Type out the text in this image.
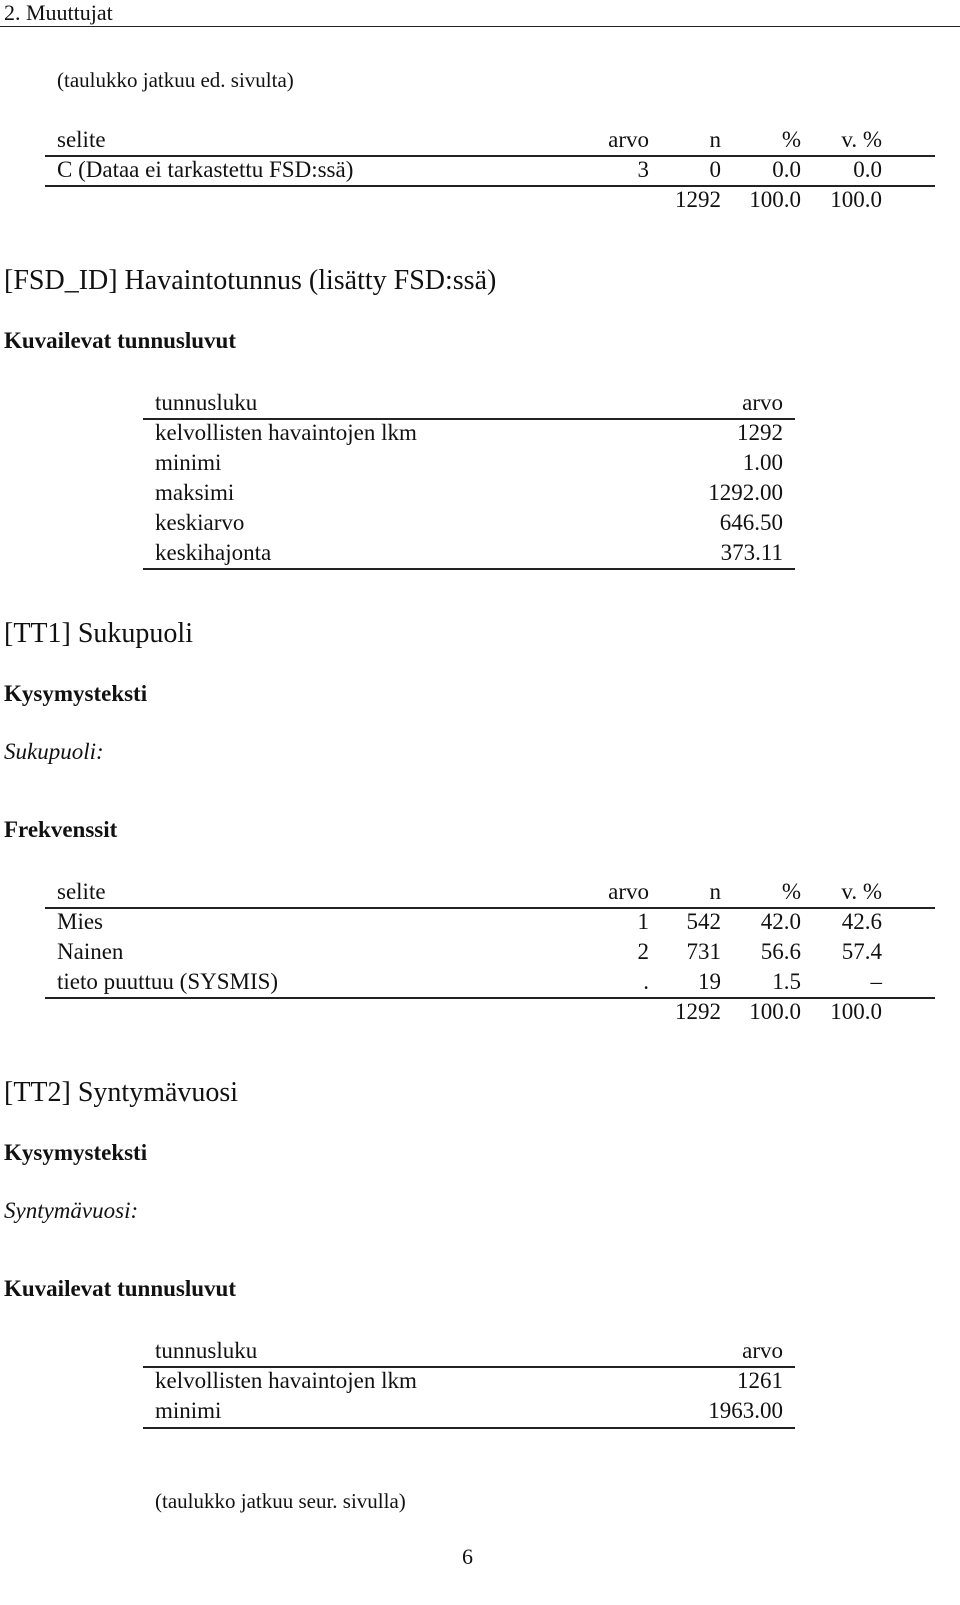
2. Muuttujat
(taulukko jatkuu ed. sivulta)
selite	arvo	n	%	v. %
C (Dataa ei tarkastettu FSD:ssä)	3	0	0.0	0.0
		1292	100.0	100.0
[FSD_ID] Havaintotunnus (lisätty FSD:ssä)
Kuvailevat tunnusluvut
tunnusluku	arvo
kelvollisten havaintojen lkm	1292
minimi	1.00
maksimi	1292.00
keskiarvo	646.50
keskihajonta	373.11
[TT1] Sukupuoli
Kysymysteksti
Sukupuoli:
Frekvenssit
selite	arvo	n	%	v. %
Mies	1	542	42.0	42.6
Nainen	2	731	56.6	57.4
tieto puuttuu (SYSMIS)	.	19	1.5	–
		1292	100.0	100.0
[TT2] Syntymävuosi
Kysymysteksti
Syntymävuosi:
Kuvailevat tunnusluvut
tunnusluku	arvo
kelvollisten havaintojen lkm	1261
minimi	1963.00
(taulukko jatkuu seur. sivulla)
6
